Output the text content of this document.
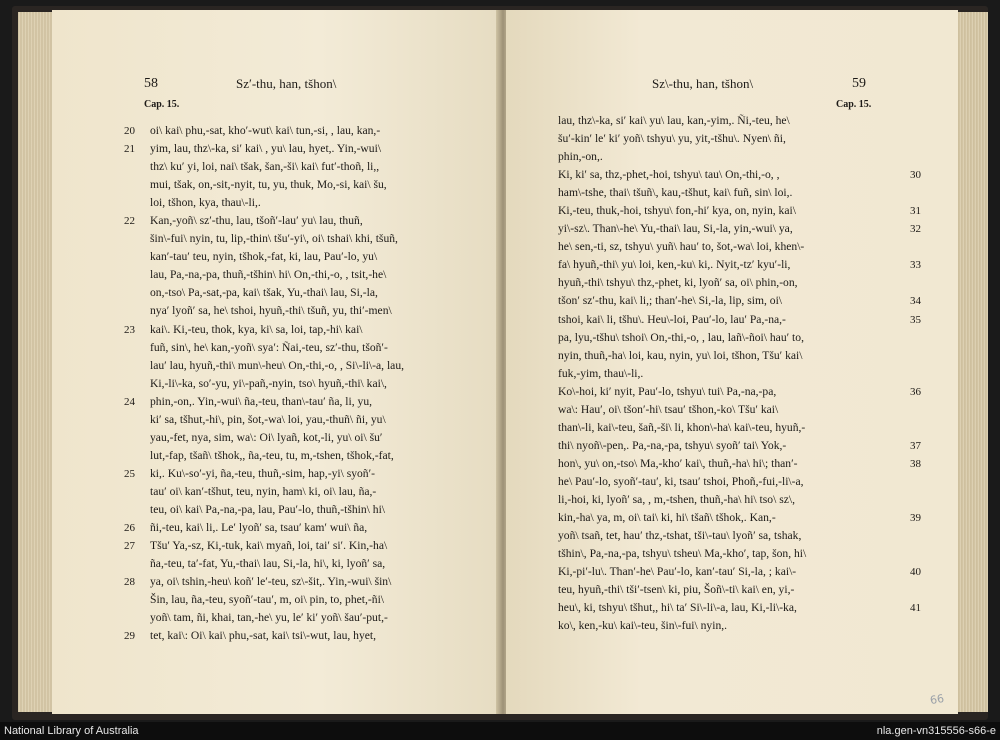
58	Sz′-thu, han, tšhon\
Cap. 15.
20 oi\ kai\ phu,-sat, kho′-wut\ kai\ tun,-si, , lau, kan,-
21 yim, lau, thz\-ka, si′ kai\ , yu\ lau, hyet,. Yin,-wui\
thz\ ku′ yi, loi, nai\ tšak, šan,-ši\ kai\ fut′-thoñ, li,,
mui, tšak, on,-sit,-nyit, tu, yu, thuk, Mo,-si, kai\ šu,
loi, tšhon, kya, thau\-li,.
22 Kan,-yoñ\ sz′-thu, lau, tšoñ′-lau′ yu\ lau, thuñ,
šin\-fui\ nyin, tu, lip,-thin\ tšu′-yi\, oi\ tshai\ khi, tšuñ,
kan′-tau′ teu, nyin, tšhok,-fat, ki, lau, Pau′-lo, yu\
lau, Pa,-na,-pa, thuñ,-tšhin\ hi\ On,-thi,-o, , tsit,-he\
on,-tso\ Pa,-sat,-pa, kai\ tšak, Yu,-thai\ lau, Si,-la,
nya′ lyoñ′ sa, he\ tshoi, hyuñ,-thi\ tšuñ, yu, thi′-men\
23 kai\. Ki,-teu, thok, kya, ki\ sa, loi, tap,-hi\ kai\
fuñ, sin\, he\ kan,-yoñ\ sya′: Ñai,-teu, sz′-thu, tšoñ′-
lau′ lau, hyuñ,-thi\ mun\-heu\ On,-thi,-o, , Si\-li\-a, lau,
Ki,-li\-ka, so′-yu, yi\-pañ,-nyin, tso\ hyuñ,-thi\ kai\,
24 phin,-on,. Yin,-wui\ ña,-teu, than\-tau′ ña, li, yu,
ki′ sa, tšhut,-hi\, pin, šot,-wa\ loi, yau,-thuñ\ ñi, yu\
yau,-fet, nya, sim, wa\: Oi\ lyañ, kot,-li, yu\ oi\ šu′
lut,-fap, tšañ\ tšhok,, ña,-teu, tu, m,-tshen, tšhok,-fat,
25 ki,. Ku\-so′-yi, ña,-teu, thuñ,-sim, hap,-yi\ syoñ′-
tau′ oi\ kan′-tšhut, teu, nyin, ham\ ki, oi\ lau, ña,-
teu, oi\ kai\ Pa,-na,-pa, lau, Pau′-lo, thuñ,-tšhin\ hi\
26 ñi,-teu, kai\ li,. Le′ lyoñ′ sa, tsau′ kam′ wui\ ña,
27 Tšu′ Ya,-sz, Ki,-tuk, kai\ myañ, loi, tai′ si′. Kin,-ha\
ña,-teu, ta′-fat, Yu,-thai\ lau, Si,-la, hi\, ki, lyoñ′ sa,
28 ya, oi\ tshin,-heu\ koñ′ le′-teu, sz\-šit,. Yin,-wui\ šin\
Šin, lau, ña,-teu, syoñ′-tau′, m, oi\ pin, to, phet,-ñi\
yoñ\ tam, ñi, khai, tan,-he\ yu, le′ ki′ yoñ\ šau′-put,-
29 tet, kai\: Oi\ kai\ phu,-sat, kai\ tsi\-wut, lau, hyet,
Sz\-thu, han, tšhon\	59
Cap. 15.
lau, thz\-ka, si′ kai\ yu\ lau, kan,-yim,. Ñi,-teu, he\
šu′-kin′ le′ ki′ yoñ\ tshyu\ yu, yit,-tšhu\. Nyen\ ñi,
phin,-on,.
30
Ki, ki′ sa, thz,-phet,-hoi, tshyu\ tau\ On,-thi,-o, ,
ham\-tshe, thai\ tšuñ\, kau,-tšhut, kai\ fuñ, sin\ loi,.
31
Ki,-teu, thuk,-hoi, tshyu\ fon,-hi′ kya, on, nyin, kai\
32
yi\-sz\. Than\-he\ Yu,-thai\ lau, Si,-la, yin,-wui\ ya,
he\ sen,-ti, sz, tshyu\ yuñ\ hau′ to, šot,-wa\ loi, khen\-
33
fa\ hyuñ,-thi\ yu\ loi, ken,-ku\ ki,. Nyit,-tz′ kyu′-li,
hyuñ,-thi\ tshyu\ thz,-phet, ki, lyoñ′ sa, oi\ phin,-on,
34
tšon′ sz′-thu, kai\ li,; than′-he\ Si,-la, lip, sim, oi\
35
tshoi, kai\ li, tšhu\. Heu\-loi, Pau′-lo, lau′ Pa,-na,-
pa, lyu,-tšhu\ tshoi\ On,-thi,-o, , lau, lañ\-ñoi\ hau′ to,
nyin, thuñ,-ha\ loi, kau, nyin, yu\ loi, tšhon, Tšu′ kai\
fuk,-yim, thau\-li,.
36
Ko\-hoi, ki′ nyit, Pau′-lo, tshyu\ tui\ Pa,-na,-pa,
wa\: Hau′, oi\ tšon′-hi\ tsau′ tšhon,-ko\ Tšu′ kai\
than\-li, kai\-teu, šañ,-ši\ li, khon\-ha\ kai\-teu, hyuñ,-
37
thi\ nyoñ\-pen,. Pa,-na,-pa, tshyu\ syoñ′ tai\ Yok,-
38
hon\, yu\ on,-tso\ Ma,-kho′ kai\, thuñ,-ha\ hi\; than′-
he\ Pau′-lo, syoñ′-tau′, ki, tsau′ tshoi, Phoñ,-fui,-li\-a,
li,-hoi, ki, lyoñ′ sa, , m,-tshen, thuñ,-ha\ hi\ tso\ sz\,
39
kin,-ha\ ya, m, oi\ tai\ ki, hi\ tšañ\ tšhok,. Kan,-
yoñ\ tsañ, tet, hau′ thz,-tshat, tši\-tau\ lyoñ′ sa, tshak,
tšhin\, Pa,-na,-pa, tshyu\ tsheu\ Ma,-kho′, tap, šon, hi\
40
Ki,-pi′-lu\. Than′-he\ Pau′-lo, kan′-tau′ Si,-la, ; kai\-
teu, hyuñ,-thi\ tši′-tsen\ ki, piu, Šoñ\-ti\ kai\ en, yi,-
41
heu\, ki, tshyu\ tšhut,, hi\ ta′ Si\-li\-a, lau, Ki,-li\-ka,
ko\, ken,-ku\ kai\-teu, šin\-fui\ nyin,.
66
National Library of Australia	nla.gen-vn315556-s66-e
